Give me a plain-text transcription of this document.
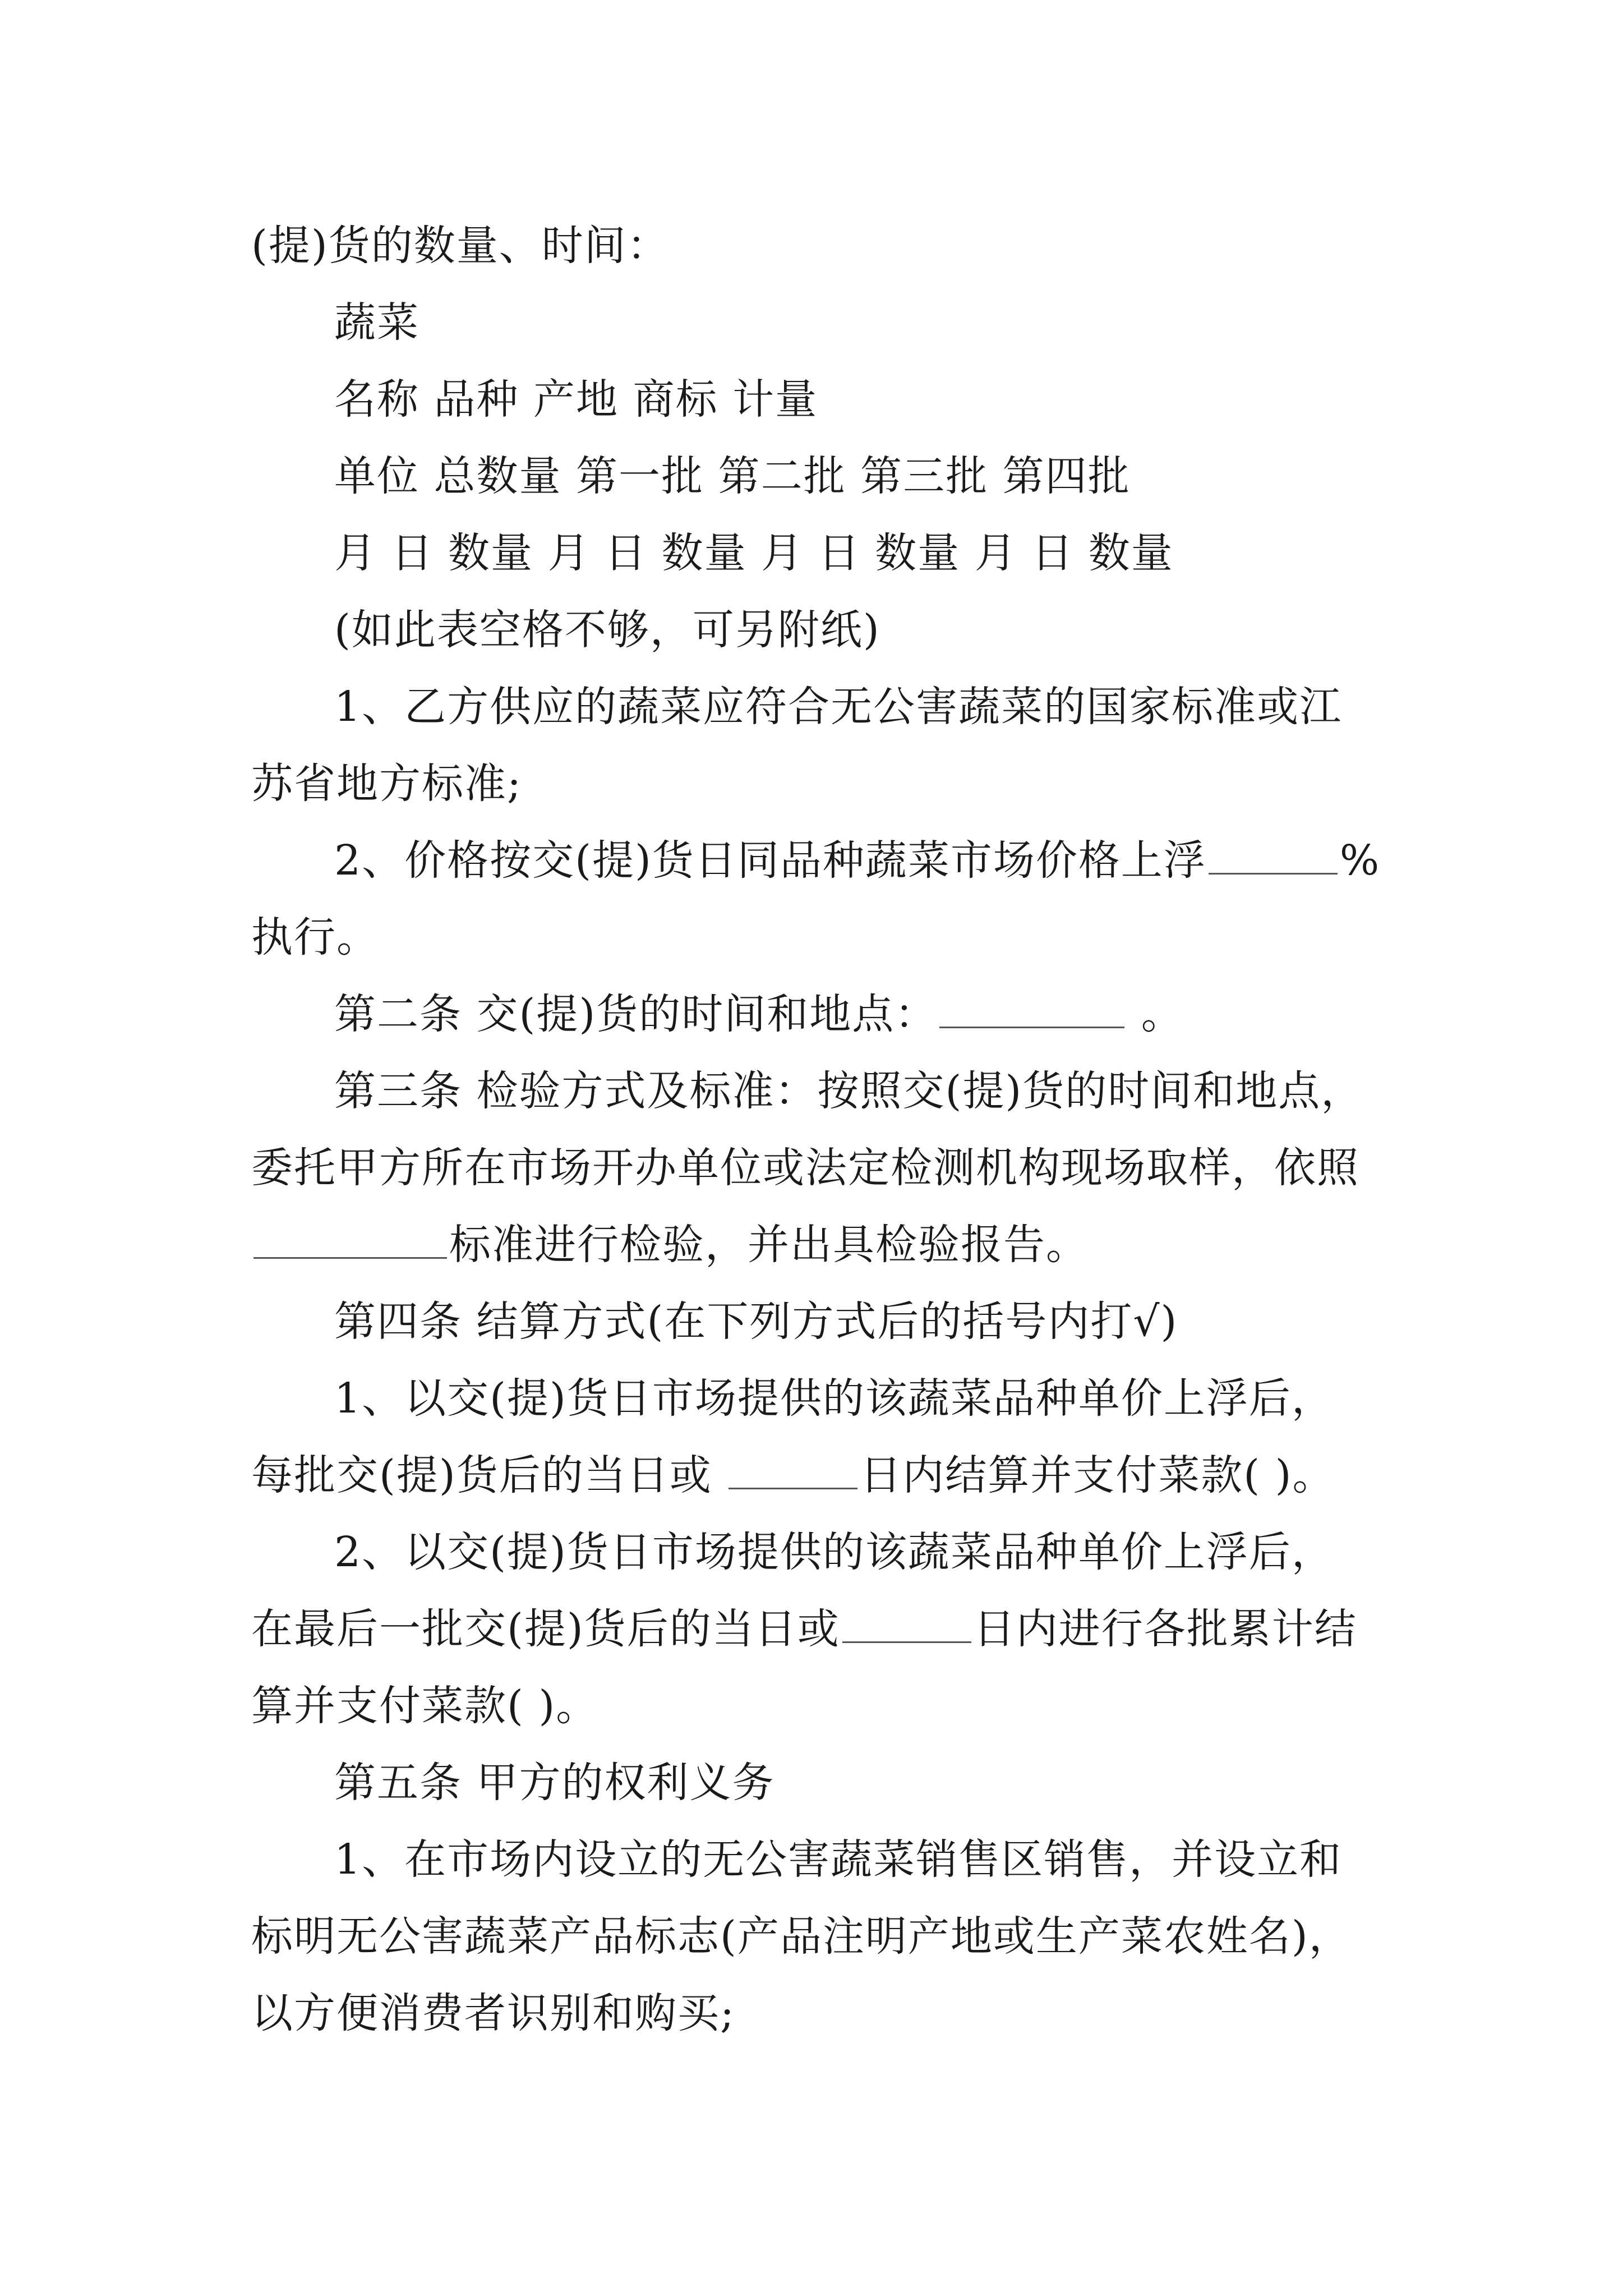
(提)货的数量、时间：

蔬菜

名称 品种 产地 商标 计量

单位 总数量 第一批 第二批 第三批 第四批

月 日 数量 月 日 数量 月 日 数量 月 日 数量

(如此表空格不够，可另附纸)

1、乙方供应的蔬菜应符合无公害蔬菜的国家标准或江

苏省地方标准;

2、价格按交(提)货日同品种蔬菜市场价格上浮	%

执行。

第二条 交(提)货的时间和地点：	。

第三条 检验方式及标准：按照交(提)货的时间和地点，

委托甲方所在市场开办单位或法定检测机构现场取样，依照

标准进行检验，并出具检验报告。

第四条 结算方式(在下列方式后的括号内打√)

1、以交(提)货日市场提供的该蔬菜品种单价上浮后，

每批交(提)货后的当日或	日内结算并支付菜款( )。

2、以交(提)货日市场提供的该蔬菜品种单价上浮后，

在最后一批交(提)货后的当日或	日内进行各批累计结

算并支付菜款( )。

第五条 甲方的权利义务

1、在市场内设立的无公害蔬菜销售区销售，并设立和

标明无公害蔬菜产品标志(产品注明产地或生产菜农姓名)，

以方便消费者识别和购买;
